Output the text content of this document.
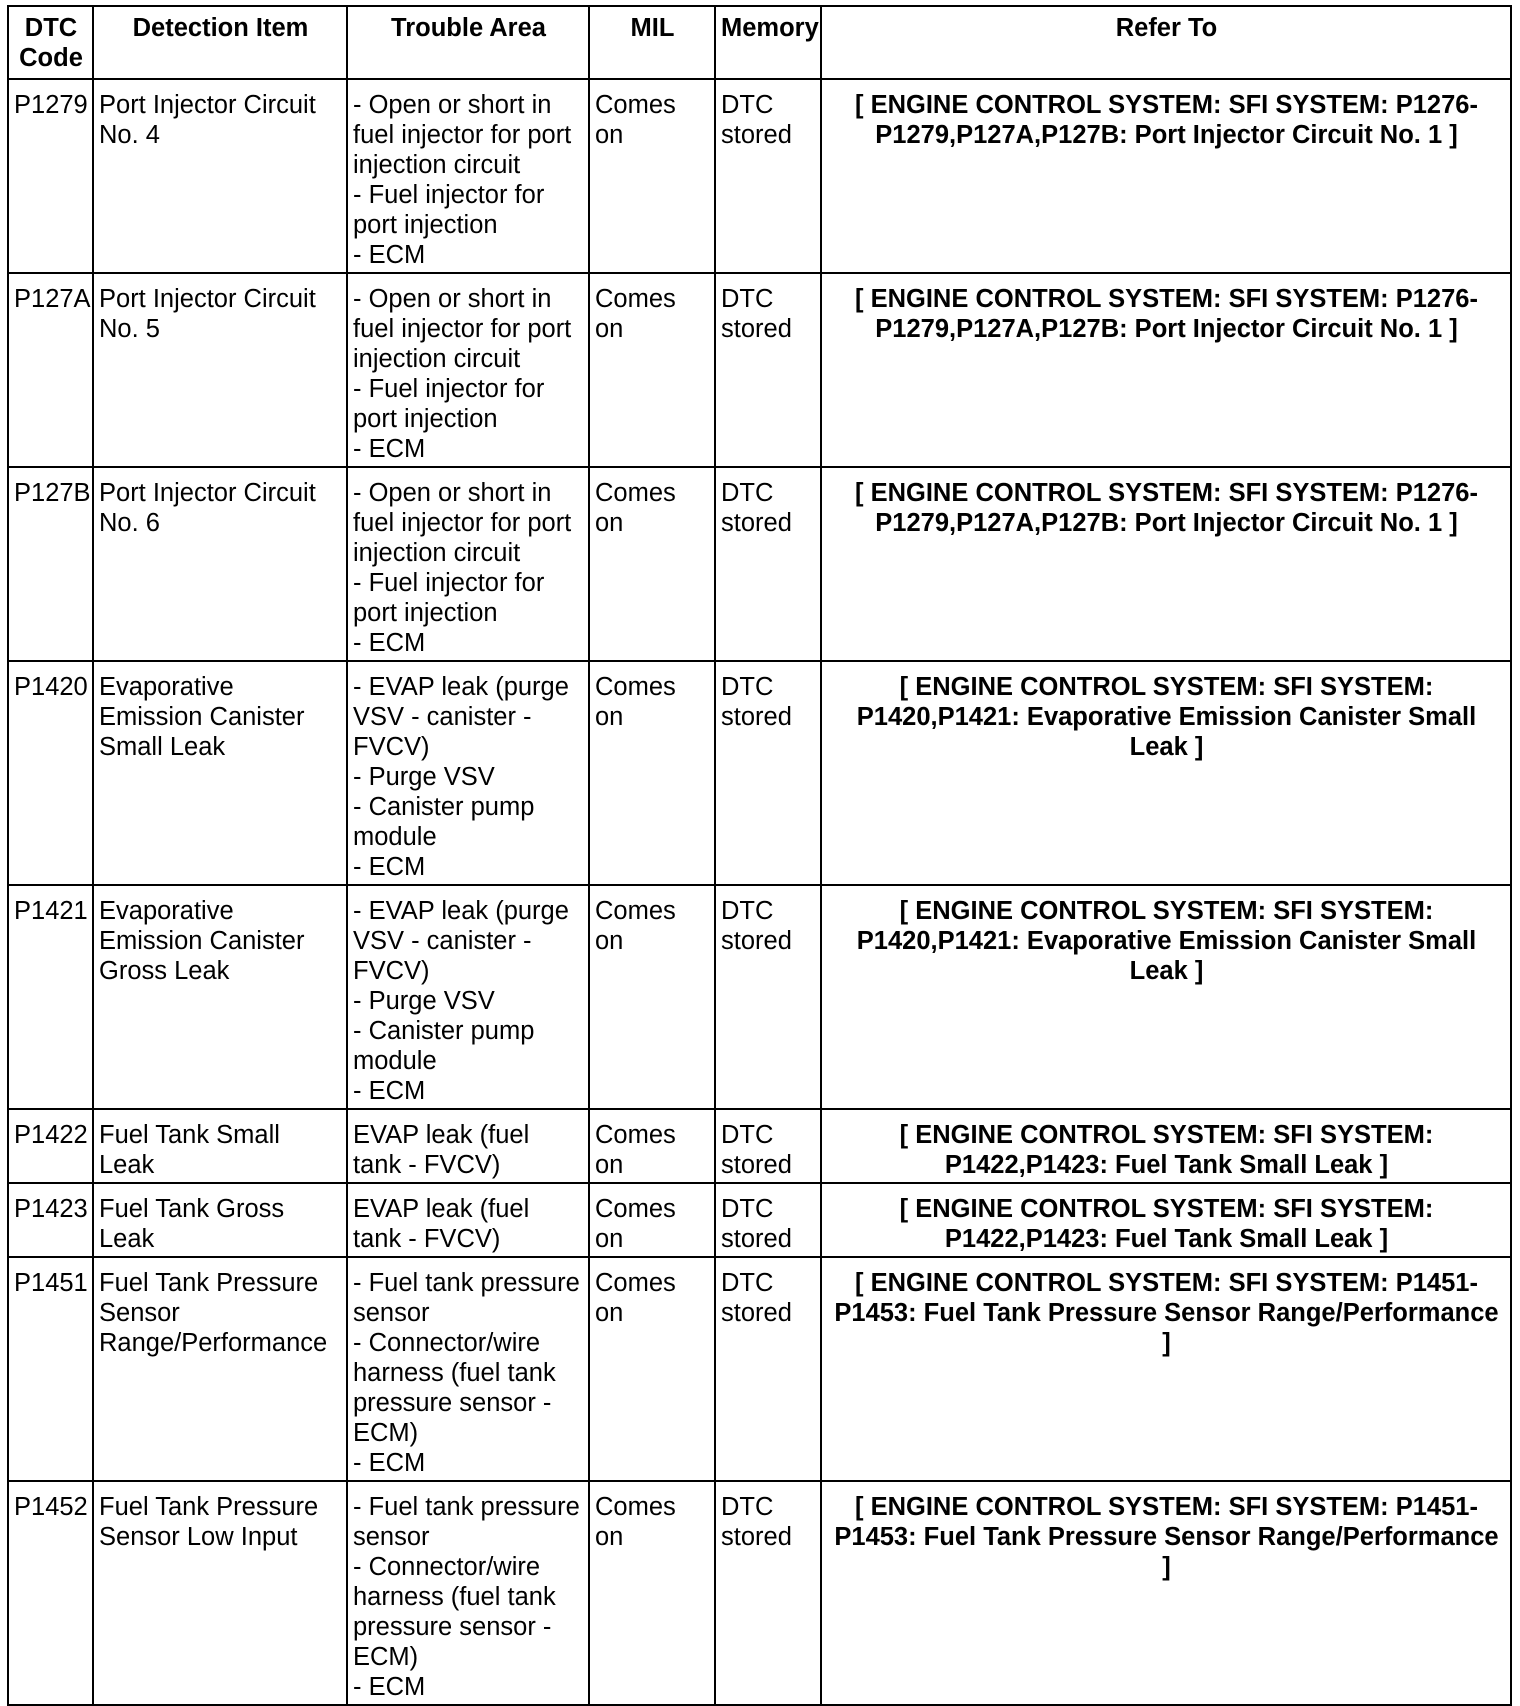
DTC Code	Detection Item	Trouble Area	MIL	Memory	Refer To
P1279	Port Injector Circuit No. 4	- Open or short in fuel injector for port injection circuit
- Fuel injector for port injection
- ECM	Comes on	DTC stored	[ ENGINE CONTROL SYSTEM: SFI SYSTEM: P1276-P1279,P127A,P127B: Port Injector Circuit No. 1 ]
P127A	Port Injector Circuit No. 5	- Open or short in fuel injector for port injection circuit
- Fuel injector for port injection
- ECM	Comes on	DTC stored	[ ENGINE CONTROL SYSTEM: SFI SYSTEM: P1276-P1279,P127A,P127B: Port Injector Circuit No. 1 ]
P127B	Port Injector Circuit No. 6	- Open or short in fuel injector for port injection circuit
- Fuel injector for port injection
- ECM	Comes on	DTC stored	[ ENGINE CONTROL SYSTEM: SFI SYSTEM: P1276-P1279,P127A,P127B: Port Injector Circuit No. 1 ]
P1420	Evaporative Emission Canister Small Leak	- EVAP leak (purge VSV - canister - FVCV)
- Purge VSV
- Canister pump module
- ECM	Comes on	DTC stored	[ ENGINE CONTROL SYSTEM: SFI SYSTEM: P1420,P1421: Evaporative Emission Canister Small Leak ]
P1421	Evaporative Emission Canister Gross Leak	- EVAP leak (purge VSV - canister - FVCV)
- Purge VSV
- Canister pump module
- ECM	Comes on	DTC stored	[ ENGINE CONTROL SYSTEM: SFI SYSTEM: P1420,P1421: Evaporative Emission Canister Small Leak ]
P1422	Fuel Tank Small Leak	EVAP leak (fuel tank - FVCV)	Comes on	DTC stored	[ ENGINE CONTROL SYSTEM: SFI SYSTEM: P1422,P1423: Fuel Tank Small Leak ]
P1423	Fuel Tank Gross Leak	EVAP leak (fuel tank - FVCV)	Comes on	DTC stored	[ ENGINE CONTROL SYSTEM: SFI SYSTEM: P1422,P1423: Fuel Tank Small Leak ]
P1451	Fuel Tank Pressure Sensor Range/Performance	- Fuel tank pressure sensor
- Connector/wire harness (fuel tank pressure sensor - ECM)
- ECM	Comes on	DTC stored	[ ENGINE CONTROL SYSTEM: SFI SYSTEM: P1451-P1453: Fuel Tank Pressure Sensor Range/Performance ]
P1452	Fuel Tank Pressure Sensor Low Input	- Fuel tank pressure sensor
- Connector/wire harness (fuel tank pressure sensor - ECM)
- ECM	Comes on	DTC stored	[ ENGINE CONTROL SYSTEM: SFI SYSTEM: P1451-P1453: Fuel Tank Pressure Sensor Range/Performance ]
